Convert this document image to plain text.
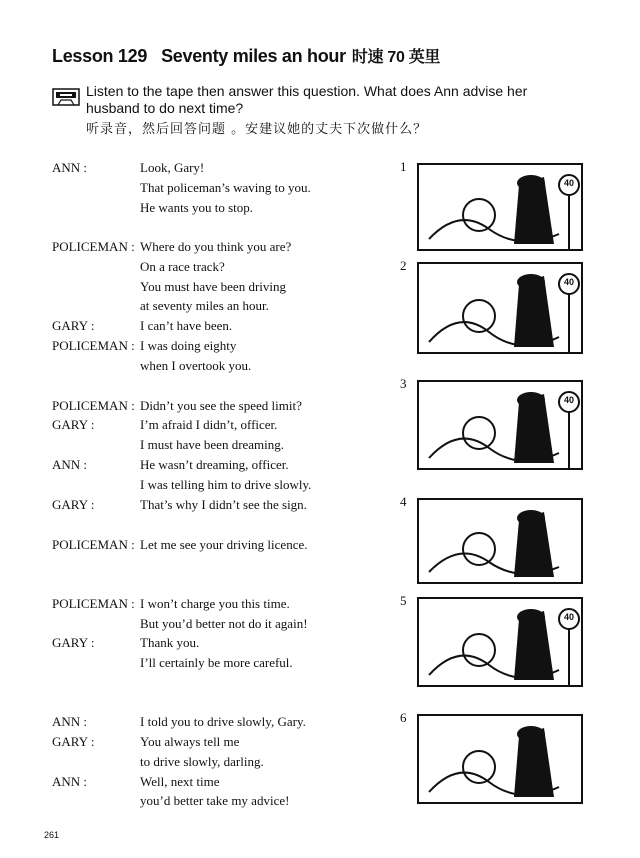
Lesson 129 Seventy miles an hour 时速 70 英里
Listen to the tape then answer this question. What does Ann advise her husband to do next time?
听录音，然后回答问题 。安建议她的丈夫下次做什么？
ANN :	Look, Gary!
That policeman’s waving to you.
He wants you to stop.
POLICEMAN : Where do you think you are?
On a race track?
You must have been driving
at seventy miles an hour.
GARY :	I can’t have been.
POLICEMAN : I was doing eighty
when I overtook you.
POLICEMAN : Didn’t you see the speed limit?
GARY :	I’m afraid I didn’t, officer.
I must have been dreaming.
ANN :	He wasn’t dreaming, officer.
I was telling him to drive slowly.
GARY :	That’s why I didn’t see the sign.
POLICEMAN : Let me see your driving licence.
POLICEMAN : I won’t charge you this time.
But you’d better not do it again!
GARY :	Thank you.
I’ll certainly be more careful.
ANN :	I told you to drive slowly, Gary.
GARY :	You always tell me
to drive slowly, darling.
ANN :	Well, next time
you’d better take my advice!
1
40
2
40
3
40
4
5
40
6
261
